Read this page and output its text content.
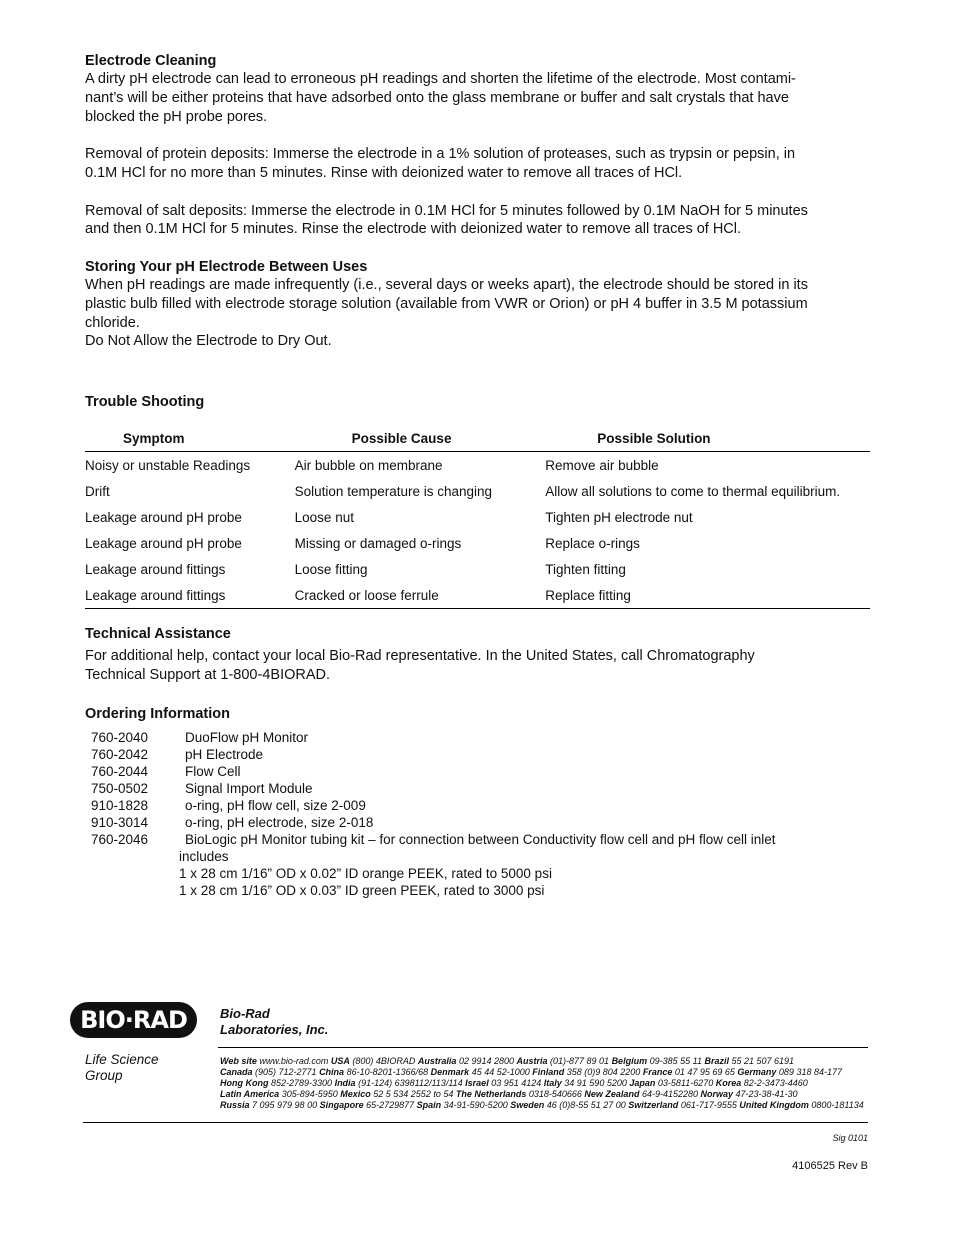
Electrode Cleaning

A dirty pH electrode can lead to erroneous pH readings and shorten the lifetime of the electrode. Most contami-

nant’s will be either proteins that have adsorbed onto the glass membrane or buffer and salt crystals that have

blocked the pH probe pores.

Removal of protein deposits: Immerse the electrode in a 1% solution of proteases, such as trypsin or pepsin, in

0.1M HCl for no more than 5 minutes. Rinse with deionized water to remove all traces of HCl.

Removal of salt deposits: Immerse the electrode in 0.1M HCl for 5 minutes followed by 0.1M NaOH for 5 minutes

and then 0.1M HCl for 5 minutes. Rinse the electrode with deionized water to remove all traces of HCl.

Storing Your pH Electrode Between Uses

When pH readings are made infrequently (i.e., several days or weeks apart), the electrode should be stored in its

plastic bulb filled with electrode storage solution (available from VWR or Orion) or pH 4 buffer in 3.5 M potassium

chloride.

Do Not Allow the Electrode to Dry Out.

Trouble Shooting
Symptom	Possible Cause	Possible Solution
Noisy or unstable Readings	Air bubble on membrane	Remove air bubble
Drift	Solution temperature is changing	Allow all solutions to come to thermal equilibrium.
Leakage around pH probe	Loose nut	Tighten pH electrode nut
Leakage around pH probe	Missing or damaged o-rings	Replace o-rings
Leakage around fittings	Loose fitting	Tighten fitting
Leakage around fittings	Cracked or loose ferrule	Replace fitting
Technical Assistance

For additional help, contact your local Bio-Rad representative. In the United States, call Chromatography

Technical Support at 1-800-4BIORAD.

Ordering Information
760-2040	DuoFlow pH Monitor
760-2042	pH Electrode
760-2044	Flow Cell
750-0502	Signal Import Module
910-1828	o-ring, pH flow cell, size 2-009
910-3014	o-ring, pH electrode, size 2-018
760-2046	BioLogic pH Monitor tubing kit – for connection between Conductivity flow cell and pH flow cell inlet
includes
1 x 28 cm 1/16” OD x 0.02” ID orange PEEK, rated to 5000 psi
1 x 28 cm 1/16” OD x 0.03” ID green PEEK, rated to 3000 psi
BIO·RAD	Bio-Rad
Laboratories, Inc.
Life Science
Group
Web site www.bio-rad.com USA (800) 4BIORAD Australia 02 9914 2800 Austria (01)-877 89 01 Belgium 09-385 55 11 Brazil 55 21 507 6191
Canada (905) 712-2771 China 86-10-8201-1366/68 Denmark 45 44 52-1000 Finland 358 (0)9 804 2200 France 01 47 95 69 65 Germany 089 318 84-177
Hong Kong 852-2789-3300 India (91-124) 6398112/113/114 Israel 03 951 4124 Italy 34 91 590 5200 Japan 03-5811-6270 Korea 82-2-3473-4460
Latin America 305-894-5950 Mexico 52 5 534 2552 to 54 The Netherlands 0318-540666 New Zealand 64-9-4152280 Norway 47-23-38-41-30
Russia 7 095 979 98 00 Singapore 65-2729877 Spain 34-91-590-5200 Sweden 46 (0)8-55 51 27 00 Switzerland 061-717-9555 United Kingdom 0800-181134
Sig 0101
4106525 Rev B
